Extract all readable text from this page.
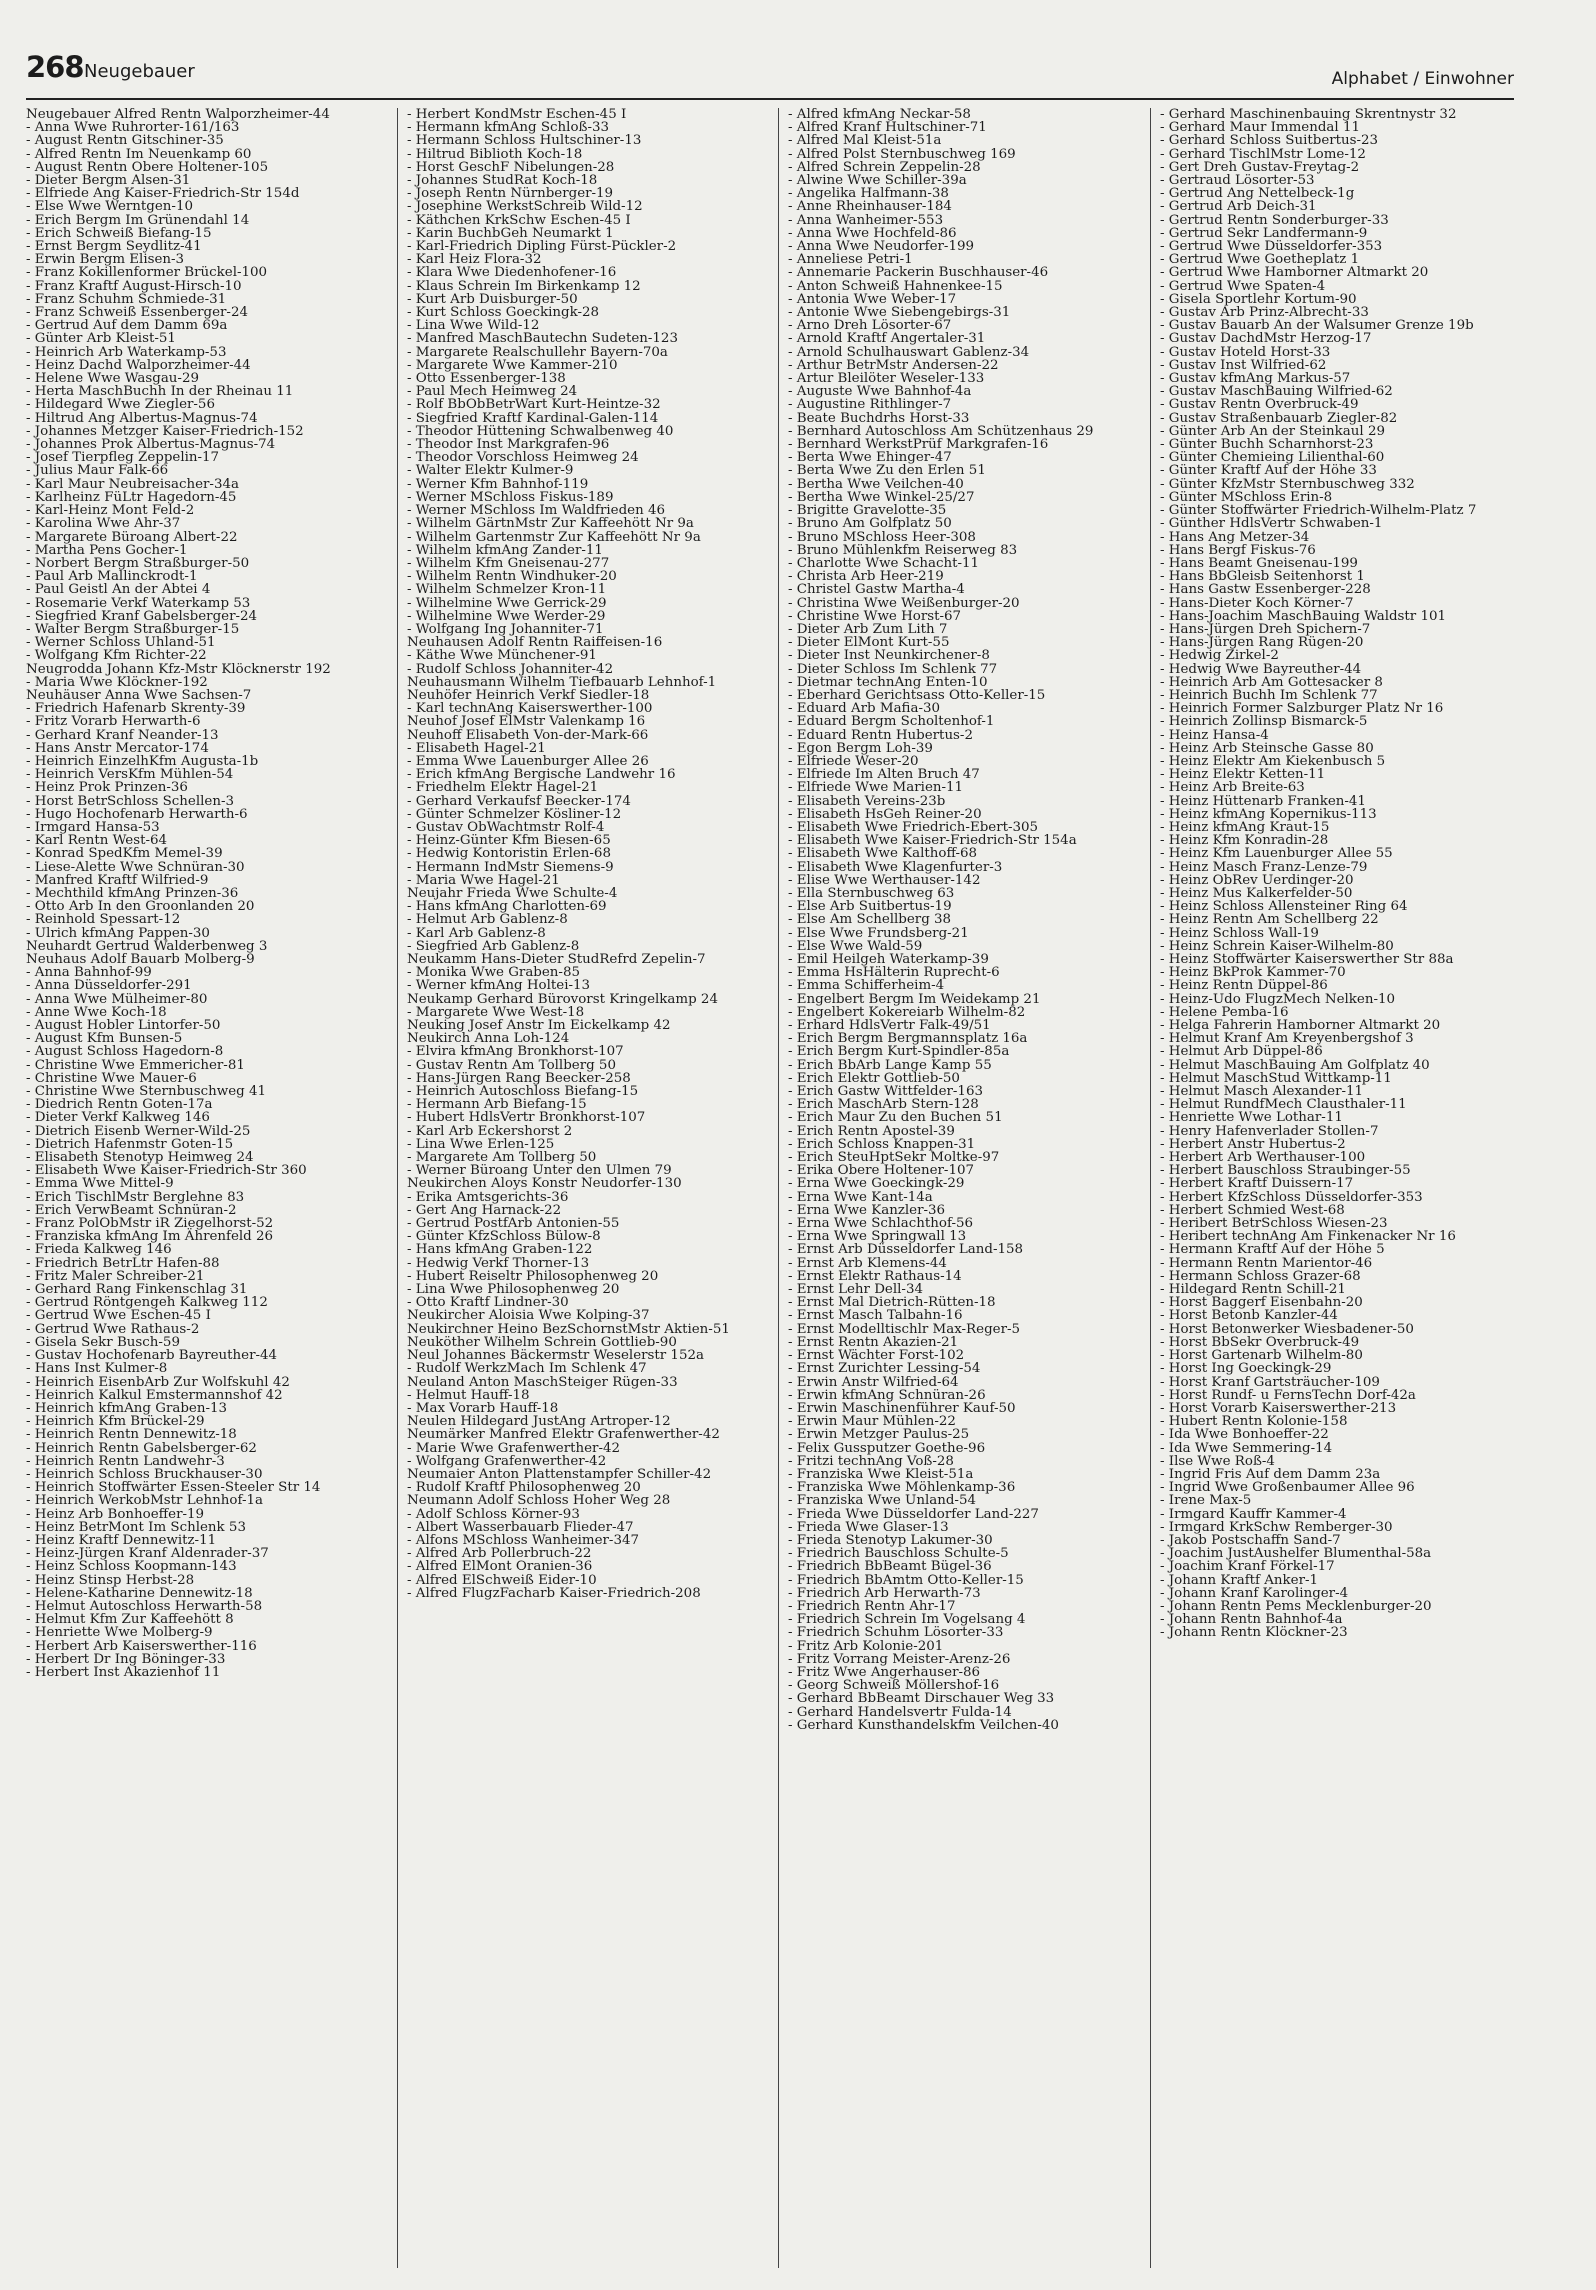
268 Neugebauer	Alphabet / Einwohner
Neugebauer Alfred Rentn Walporzheimer-44
- Anna Wwe Ruhrorter-161/163
- August Rentn Gitschiner-35
- Alfred Rentn Im Neuenkamp 60
- August Rentn Obere Holtener-105
- Dieter Bergm Alsen-31
- Elfriede Ang Kaiser-Friedrich-Str 154d
- Else Wwe Werntgen-10
- Erich Bergm Im Grünendahl 14
- Erich Schweiß Biefang-15
- Ernst Bergm Seydlitz-41
- Erwin Bergm Elisen-3
- Franz Kokillenformer Brückel-100
- Franz Kraftf August-Hirsch-10
- Franz Schuhm Schmiede-31
- Franz Schweiß Essenberger-24
- Gertrud Auf dem Damm 69a
- Günter Arb Kleist-51
- Heinrich Arb Waterkamp-53
- Heinz Dachd Walporzheimer-44
- Helene Wwe Wasgau-29
- Herta MaschBuchh In der Rheinau 11
- Hildegard Wwe Ziegler-56
- Hiltrud Ang Albertus-Magnus-74
- Johannes Metzger Kaiser-Friedrich-152
- Johannes Prok Albertus-Magnus-74
- Josef Tierpfleg Zeppelin-17
- Julius Maur Falk-66
- Karl Maur Neubreisacher-34a
- Karlheinz FüLtr Hagedorn-45
- Karl-Heinz Mont Feld-2
- Karolina Wwe Ahr-37
- Margarete Büroang Albert-22
- Martha Pens Gocher-1
- Norbert Bergm Straßburger-50
- Paul Arb Mallinckrodt-1
- Paul Geistl An der Abtei 4
- Rosemarie Verkf Waterkamp 53
- Siegfried Kranf Gabelsberger-24
- Walter Bergm Straßburger-15
- Werner Schloss Uhland-51
- Wolfgang Kfm Richter-22
Neugrodda Johann Kfz-Mstr Klöcknerstr 192
- Maria Wwe Klöckner-192
Neuhäuser Anna Wwe Sachsen-7
- Friedrich Hafenarb Skrenty-39
- Fritz Vorarb Herwarth-6
- Gerhard Kranf Neander-13
- Hans Anstr Mercator-174
- Heinrich EinzelhKfm Augusta-1b
- Heinrich VersKfm Mühlen-54
- Heinz Prok Prinzen-36
- Horst BetrSchloss Schellen-3
- Hugo Hochofenarb Herwarth-6
- Irmgard Hansa-53
- Karl Rentn West-64
- Konrad SpedKfm Memel-39
- Liese-Alette Wwe Schnüran-30
- Manfred Kraftf Wilfried-9
- Mechthild kfmAng Prinzen-36
- Otto Arb In den Groonlanden 20
- Reinhold Spessart-12
- Ulrich kfmAng Pappen-30
Neuhardt Gertrud Walderbenweg 3
Neuhaus Adolf Bauarb Molberg-9
- Anna Bahnhof-99
- Anna Düsseldorfer-291
- Anna Wwe Mülheimer-80
- Anne Wwe Koch-18
- August Hobler Lintorfer-50
- August Kfm Bunsen-5
- August Schloss Hagedorn-8
- Christine Wwe Emmericher-81
- Christine Wwe Mauer-6
- Christine Wwe Sternbuschweg 41
- Diedrich Rentn Goten-17a
- Dieter Verkf Kalkweg 146
- Dietrich Eisenb Werner-Wild-25
- Dietrich Hafenmstr Goten-15
- Elisabeth Stenotyp Heimweg 24
- Elisabeth Wwe Kaiser-Friedrich-Str 360
- Emma Wwe Mittel-9
- Erich TischlMstr Berglehne 83
- Erich VerwBeamt Schnüran-2
- Franz PolObMstr iR Ziegelhorst-52
- Franziska kfmAng Im Ährenfeld 26
- Frieda Kalkweg 146
- Friedrich BetrLtr Hafen-88
- Fritz Maler Schreiber-21
- Gerhard Rang Finkenschlag 31
- Gertrud Röntgengeh Kalkweg 112
- Gertrud Wwe Eschen-45 I
- Gertrud Wwe Rathaus-2
- Gisela Sekr Busch-59
- Gustav Hochofenarb Bayreuther-44
- Hans Inst Kulmer-8
- Heinrich EisenbArb Zur Wolfskuhl 42
- Heinrich Kalkul Emstermannshof 42
- Heinrich kfmAng Graben-13
- Heinrich Kfm Brückel-29
- Heinrich Rentn Dennewitz-18
- Heinrich Rentn Gabelsberger-62
- Heinrich Rentn Landwehr-3
- Heinrich Schloss Bruckhauser-30
- Heinrich Stoffwärter Essen-Steeler Str 14
- Heinrich WerkobMstr Lehnhof-1a
- Heinz Arb Bonhoeffer-19
- Heinz BetrMont Im Schlenk 53
- Heinz Kraftf Dennewitz-11
- Heinz-Jürgen Kranf Aldenrader-37
- Heinz Schloss Koopmann-143
- Heinz Stinsp Herbst-28
- Helene-Katharine Dennewitz-18
- Helmut Autoschloss Herwarth-58
- Helmut Kfm Zur Kaffeehött 8
- Henriette Wwe Molberg-9
- Herbert Arb Kaiserswerther-116
- Herbert Dr Ing Böninger-33
- Herbert Inst Akazienhof 11
- Herbert KondMstr Eschen-45 I
- Hermann kfmAng Schloß-33
- Hermann Schloss Hultschiner-13
- Hiltrud Biblioth Koch-18
- Horst GeschF Nibelungen-28
- Johannes StudRat Koch-18
- Joseph Rentn Nürnberger-19
- Josephine WerkstSchreib Wild-12
- Käthchen KrkSchw Eschen-45 I
- Karin BuchbGeh Neumarkt 1
- Karl-Friedrich Dipling Fürst-Pückler-2
- Karl Heiz Flora-32
- Klara Wwe Diedenhofener-16
- Klaus Schrein Im Birkenkamp 12
- Kurt Arb Duisburger-50
- Kurt Schloss Goeckingk-28
- Lina Wwe Wild-12
- Manfred MaschBautechn Sudeten-123
- Margarete Realschullehr Bayern-70a
- Margarete Wwe Kammer-210
- Otto Essenberger-138
- Paul Mech Heimweg 24
- Rolf BbObBetrWart Kurt-Heintze-32
- Siegfried Kraftf Kardinal-Galen-114
- Theodor Hüttening Schwalbenweg 40
- Theodor Inst Markgrafen-96
- Theodor Vorschloss Heimweg 24
- Walter Elektr Kulmer-9
- Werner Kfm Bahnhof-119
- Werner MSchloss Fiskus-189
- Werner MSchloss Im Waldfrieden 46
- Wilhelm GärtnMstr Zur Kaffeehött Nr 9a
- Wilhelm Gartenmstr Zur Kaffeehött Nr 9a
- Wilhelm kfmAng Zander-11
- Wilhelm Kfm Gneisenau-277
- Wilhelm Rentn Windhuker-20
- Wilhelm Schmelzer Kron-11
- Wilhelmine Wwe Gerrick-29
- Wilhelmine Wwe Werder-29
- Wolfgang Ing Johanniter-71
Neuhausen Adolf Rentn Raiffeisen-16
- Käthe Wwe Münchener-91
- Rudolf Schloss Johanniter-42
Neuhausmann Wilhelm Tiefbauarb Lehnhof-1
Neuhöfer Heinrich Verkf Siedler-18
- Karl technAng Kaiserswerther-100
Neuhof Josef ElMstr Valenkamp 16
Neuhoff Elisabeth Von-der-Mark-66
- Elisabeth Hagel-21
- Emma Wwe Lauenburger Allee 26
- Erich kfmAng Bergische Landwehr 16
- Friedhelm Elektr Hagel-21
- Gerhard Verkaufsf Beecker-174
- Günter Schmelzer Kösliner-12
- Gustav ObWachtmstr Rolf-4
- Heinz-Günter Kfm Biesen-65
- Hedwig Kontoristin Erlen-68
- Hermann IndMstr Siemens-9
- Maria Wwe Hagel-21
Neujahr Frieda Wwe Schulte-4
- Hans kfmAng Charlotten-69
- Helmut Arb Gablenz-8
- Karl Arb Gablenz-8
- Siegfried Arb Gablenz-8
Neukamm Hans-Dieter StudRefrd Zepelin-7
- Monika Wwe Graben-85
- Werner kfmAng Holtei-13
Neukamp Gerhard Bürovorst Kringelkamp 24
- Margarete Wwe West-18
Neuking Josef Anstr Im Eickelkamp 42
Neukirch Anna Loh-124
- Elvira kfmAng Bronkhorst-107
- Gustav Rentn Am Tollberg 50
- Hans-Jürgen Rang Beecker-258
- Heinrich Autoschloss Biefang-15
- Hermann Arb Biefang-15
- Hubert HdlsVertr Bronkhorst-107
- Karl Arb Eckershorst 2
- Lina Wwe Erlen-125
- Margarete Am Tollberg 50
- Werner Büroang Unter den Ulmen 79
Neukirchen Aloys Konstr Neudorfer-130
- Erika Amtsgerichts-36
- Gert Ang Harnack-22
- Gertrud PostfArb Antonien-55
- Günter KfzSchloss Bülow-8
- Hans kfmAng Graben-122
- Hedwig Verkf Thorner-13
- Hubert Reiseltr Philosophenweg 20
- Lina Wwe Philosophenweg 20
- Otto Kraftf Lindner-30
Neukircher Aloisia Wwe Kolping-37
Neukirchner Heino BezSchornstMstr Aktien-51
Neuköther Wilhelm Schrein Gottlieb-90
Neul Johannes Bäckermstr Weselerstr 152a
- Rudolf WerkzMach Im Schlenk 47
Neuland Anton MaschSteiger Rügen-33
- Helmut Hauff-18
- Max Vorarb Hauff-18
Neulen Hildegard JustAng Artroper-12
Neumärker Manfred Elektr Grafenwerther-42
- Marie Wwe Grafenwerther-42
- Wolfgang Grafenwerther-42
Neumaier Anton Plattenstampfer Schiller-42
- Rudolf Kraftf Philosophenweg 20
Neumann Adolf Schloss Hoher Weg 28
- Adolf Schloss Körner-93
- Albert Wasserbauarb Flieder-47
- Alfons MSchloss Wanheimer-347
- Alfred Arb Pollerbruch-22
- Alfred ElMont Oranien-36
- Alfred ElSchweiß Eider-10
- Alfred FlugzFacharb Kaiser-Friedrich-208
- Alfred kfmAng Neckar-58
- Alfred Kranf Hultschiner-71
- Alfred Mal Kleist-51a
- Alfred Polst Sternbuschweg 169
- Alfred Schrein Zeppelin-28
- Alwine Wwe Schiller-39a
- Angelika Halfmann-38
- Anne Rheinhauser-184
- Anna Wanheimer-553
- Anna Wwe Hochfeld-86
- Anna Wwe Neudorfer-199
- Anneliese Petri-1
- Annemarie Packerin Buschhauser-46
- Anton Schweiß Hahnenkee-15
- Antonia Wwe Weber-17
- Antonie Wwe Siebengebirgs-31
- Arno Dreh Lösorter-67
- Arnold Kraftf Angertaler-31
- Arnold Schulhauswart Gablenz-34
- Arthur BetrMstr Andersen-22
- Artur Bleilöter Weseler-133
- Auguste Wwe Bahnhof-4a
- Augustine Rithlinger-7
- Beate Buchdrhs Horst-33
- Bernhard Autoschloss Am Schützenhaus 29
- Bernhard WerkstPrüf Markgrafen-16
- Berta Wwe Ehinger-47
- Berta Wwe Zu den Erlen 51
- Bertha Wwe Veilchen-40
- Bertha Wwe Winkel-25/27
- Brigitte Gravelotte-35
- Bruno Am Golfplatz 50
- Bruno MSchloss Heer-308
- Bruno Mühlenkfm Reiserweg 83
- Charlotte Wwe Schacht-11
- Christa Arb Heer-219
- Christel Gastw Martha-4
- Christina Wwe Weißenburger-20
- Christine Wwe Horst-67
- Dieter Arb Zum Lith 7
- Dieter ElMont Kurt-55
- Dieter Inst Neunkirchener-8
- Dieter Schloss Im Schlenk 77
- Dietmar technAng Enten-10
- Eberhard Gerichtsass Otto-Keller-15
- Eduard Arb Mafia-30
- Eduard Bergm Scholtenhof-1
- Eduard Rentn Hubertus-2
- Egon Bergm Loh-39
- Elfriede Weser-20
- Elfriede Im Alten Bruch 47
- Elfriede Wwe Marien-11
- Elisabeth Vereins-23b
- Elisabeth HsGeh Reiner-20
- Elisabeth Wwe Friedrich-Ebert-305
- Elisabeth Wwe Kaiser-Friedrich-Str 154a
- Elisabeth Wwe Kalthoff-68
- Elisabeth Wwe Klagenfurter-3
- Elise Wwe Werthauser-142
- Ella Sternbuschweg 63
- Else Arb Suitbertus-19
- Else Am Schellberg 38
- Else Wwe Frundsberg-21
- Else Wwe Wald-59
- Emil Heilgeh Waterkamp-39
- Emma HsHälterin Ruprecht-6
- Emma Schifferheim-4
- Engelbert Bergm Im Weidekamp 21
- Engelbert Kokereiarb Wilhelm-82
- Erhard HdlsVertr Falk-49/51
- Erich Bergm Bergmannsplatz 16a
- Erich Bergm Kurt-Spindler-85a
- Erich BbArb Lange Kamp 55
- Erich Elektr Gottlieb-50
- Erich Gastw Wittfelder-163
- Erich MaschArb Stern-128
- Erich Maur Zu den Buchen 51
- Erich Rentn Apostel-39
- Erich Schloss Knappen-31
- Erich SteuHptSekr Moltke-97
- Erika Obere Holtener-107
- Erna Wwe Goeckingk-29
- Erna Wwe Kant-14a
- Erna Wwe Kanzler-36
- Erna Wwe Schlachthof-56
- Erna Wwe Springwall 13
- Ernst Arb Düsseldorfer Land-158
- Ernst Arb Klemens-44
- Ernst Elektr Rathaus-14
- Ernst Lehr Dell-34
- Ernst Mal Dietrich-Rütten-18
- Ernst Masch Talbahn-16
- Ernst Modelltischlr Max-Reger-5
- Ernst Rentn Akazien-21
- Ernst Wächter Forst-102
- Ernst Zurichter Lessing-54
- Erwin Anstr Wilfried-64
- Erwin kfmAng Schnüran-26
- Erwin Maschinenführer Kauf-50
- Erwin Maur Mühlen-22
- Erwin Metzger Paulus-25
- Felix Gussputzer Goethe-96
- Fritzi technAng Voß-28
- Franziska Wwe Kleist-51a
- Franziska Wwe Möhlenkamp-36
- Franziska Wwe Unland-54
- Frieda Wwe Düsseldorfer Land-227
- Frieda Wwe Glaser-13
- Frieda Stenotyp Lakumer-30
- Friedrich Bauschloss Schulte-5
- Friedrich BbBeamt Bügel-36
- Friedrich BbAmtm Otto-Keller-15
- Friedrich Arb Herwarth-73
- Friedrich Rentn Ahr-17
- Friedrich Schrein Im Vogelsang 4
- Friedrich Schuhm Lösorter-33
- Fritz Arb Kolonie-201
- Fritz Vorrang Meister-Arenz-26
- Fritz Wwe Angerhauser-86
- Georg Schweiß Möllershof-16
- Gerhard BbBeamt Dirschauer Weg 33
- Gerhard Handelsvertr Fulda-14
- Gerhard Kunsthandelskfm Veilchen-40
- Gerhard Maschinenbauing Skrentnystr 32
- Gerhard Maur Immendal 11
- Gerhard Schloss Suitbertus-23
- Gerhard TischlMstr Lome-12
- Gert Dreh Gustav-Freytag-2
- Gertraud Lösorter-53
- Gertrud Ang Nettelbeck-1g
- Gertrud Arb Deich-31
- Gertrud Rentn Sonderburger-33
- Gertrud Sekr Landfermann-9
- Gertrud Wwe Düsseldorfer-353
- Gertrud Wwe Goetheplatz 1
- Gertrud Wwe Hamborner Altmarkt 20
- Gertrud Wwe Spaten-4
- Gisela Sportlehr Kortum-90
- Gustav Arb Prinz-Albrecht-33
- Gustav Bauarb An der Walsumer Grenze 19b
- Gustav DachdMstr Herzog-17
- Gustav Hoteld Horst-33
- Gustav Inst Wilfried-62
- Gustav kfmAng Markus-57
- Gustav MaschBauing Wilfried-62
- Gustav Rentn Overbruck-49
- Gustav Straßenbauarb Ziegler-82
- Günter Arb An der Steinkaul 29
- Günter Buchh Scharnhorst-23
- Günter Chemieing Lilienthal-60
- Günter Kraftf Auf der Höhe 33
- Günter KfzMstr Sternbuschweg 332
- Günter MSchloss Erin-8
- Günter Stoffwärter Friedrich-Wilhelm-Platz 7
- Günther HdlsVertr Schwaben-1
- Hans Ang Metzer-34
- Hans Bergf Fiskus-76
- Hans Beamt Gneisenau-199
- Hans BbGleisb Seitenhorst 1
- Hans Gastw Essenberger-228
- Hans-Dieter Koch Körner-7
- Hans-Joachim MaschBauing Waldstr 101
- Hans-Jürgen Dreh Spichern-7
- Hans-Jürgen Rang Rügen-20
- Hedwig Zirkel-2
- Hedwig Wwe Bayreuther-44
- Heinrich Arb Am Gottesacker 8
- Heinrich Buchh Im Schlenk 77
- Heinrich Former Salzburger Platz Nr 16
- Heinrich Zollinsp Bismarck-5
- Heinz Hansa-4
- Heinz Arb Steinsche Gasse 80
- Heinz Elektr Am Kiekenbusch 5
- Heinz Elektr Ketten-11
- Heinz Arb Breite-63
- Heinz Hüttenarb Franken-41
- Heinz kfmAng Kopernikus-113
- Heinz kfmAng Kraut-15
- Heinz Kfm Konradin-28
- Heinz Kfm Lauenburger Allee 55
- Heinz Masch Franz-Lenze-79
- Heinz ObRev Uerdinger-20
- Heinz Mus Kalkerfelder-50
- Heinz Schloss Allensteiner Ring 64
- Heinz Rentn Am Schellberg 22
- Heinz Schloss Wall-19
- Heinz Schrein Kaiser-Wilhelm-80
- Heinz Stoffwärter Kaiserswerther Str 88a
- Heinz BkProk Kammer-70
- Heinz Rentn Düppel-86
- Heinz-Udo FlugzMech Nelken-10
- Helene Pemba-16
- Helga Fahrerin Hamborner Altmarkt 20
- Helmut Kranf Am Kreyenbergshof 3
- Helmut Arb Düppel-86
- Helmut MaschBauing Am Golfplatz 40
- Helmut MaschStud Wittkamp-11
- Helmut Masch Alexander-11
- Helmut RundfMech Clausthaler-11
- Henriette Wwe Lothar-11
- Henry Hafenverlader Stollen-7
- Herbert Anstr Hubertus-2
- Herbert Arb Werthauser-100
- Herbert Bauschloss Straubinger-55
- Herbert Kraftf Duissern-17
- Herbert KfzSchloss Düsseldorfer-353
- Herbert Schmied West-68
- Heribert BetrSchloss Wiesen-23
- Heribert technAng Am Finkenacker Nr 16
- Hermann Kraftf Auf der Höhe 5
- Hermann Rentn Marientor-46
- Hermann Schloss Grazer-68
- Hildegard Rentn Schill-21
- Horst Baggerf Eisenbahn-20
- Horst Betonb Kanzler-44
- Horst Betonwerker Wiesbadener-50
- Horst BbSekr Overbruck-49
- Horst Gartenarb Wilhelm-80
- Horst Ing Goeckingk-29
- Horst Kranf Gartsträucher-109
- Horst Rundf- u FernsTechn Dorf-42a
- Horst Vorarb Kaiserswerther-213
- Hubert Rentn Kolonie-158
- Ida Wwe Bonhoeffer-22
- Ida Wwe Semmering-14
- Ilse Wwe Roß-4
- Ingrid Fris Auf dem Damm 23a
- Ingrid Wwe Großenbaumer Allee 96
- Irene Max-5
- Irmgard Kauffr Kammer-4
- Irmgard KrkSchw Remberger-30
- Jakob Postschaffn Sand-7
- Joachim JustAushelfer Blumenthal-58a
- Joachim Kranf Förkel-17
- Johann Kraftf Anker-1
- Johann Kranf Karolinger-4
- Johann Rentn Pems Mecklenburger-20
- Johann Rentn Bahnhof-4a
- Johann Rentn Klöckner-23
